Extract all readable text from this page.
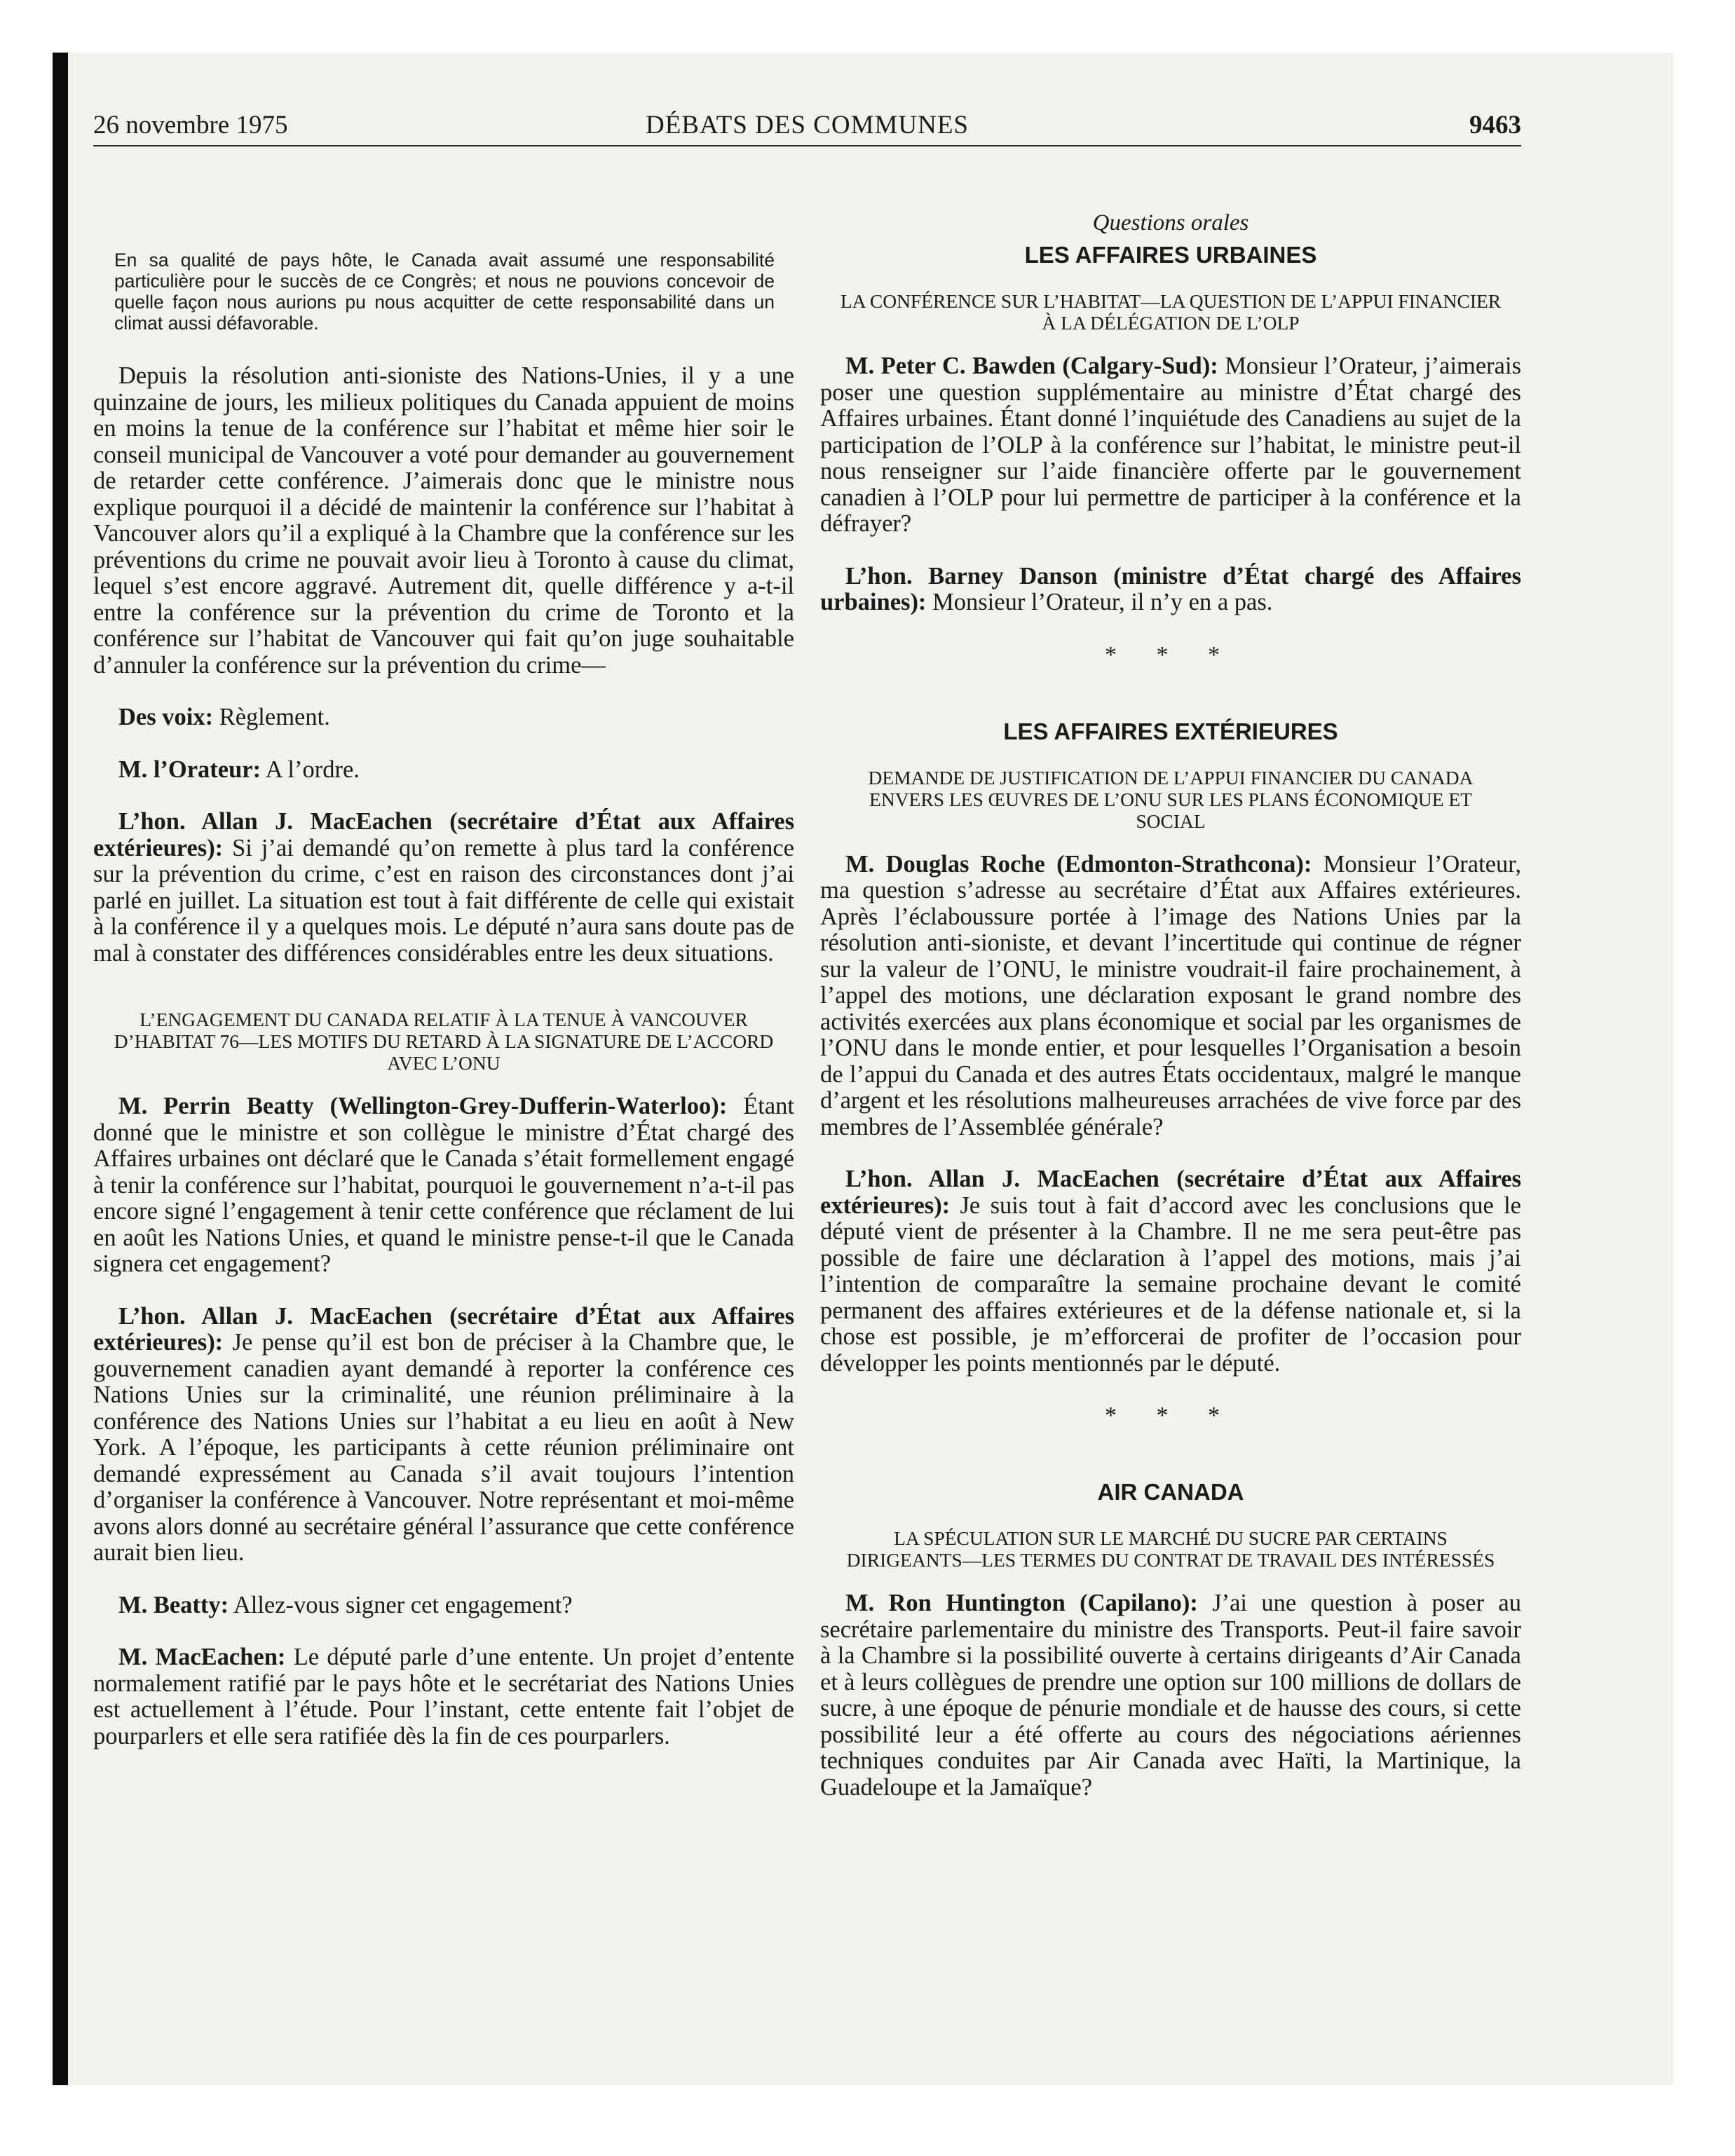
26 novembre 1975	DÉBATS DES COMMUNES	9463

En sa qualité de pays hôte, le Canada avait assumé une responsabilité particulière pour le succès de ce Congrès; et nous ne pouvions concevoir de quelle façon nous aurions pu nous acquitter de cette responsabilité dans un climat aussi défavorable.

Depuis la résolution anti-sioniste des Nations-Unies, il y a une quinzaine de jours, les milieux politiques du Canada appuient de moins en moins la tenue de la conférence sur l’habitat et même hier soir le conseil municipal de Vancouver a voté pour demander au gouvernement de retarder cette conférence. J’aimerais donc que le ministre nous explique pourquoi il a décidé de maintenir la conférence sur l’habitat à Vancouver alors qu’il a expliqué à la Chambre que la conférence sur les préventions du crime ne pouvait avoir lieu à Toronto à cause du climat, lequel s’est encore aggravé. Autrement dit, quelle différence y a-t-il entre la conférence sur la prévention du crime de Toronto et la conférence sur l’habitat de Vancouver qui fait qu’on juge souhaitable d’annuler la conférence sur la prévention du crime—

Des voix: Règlement.

M. l’Orateur: A l’ordre.

L’hon. Allan J. MacEachen (secrétaire d’État aux Affaires extérieures): Si j’ai demandé qu’on remette à plus tard la conférence sur la prévention du crime, c’est en raison des circonstances dont j’ai parlé en juillet. La situation est tout à fait différente de celle qui existait à la conférence il y a quelques mois. Le député n’aura sans doute pas de mal à constater des différences considérables entre les deux situations.

L’ENGAGEMENT DU CANADA RELATIF À LA TENUE À VANCOUVER D’HABITAT 76—LES MOTIFS DU RETARD À LA SIGNATURE DE L’ACCORD AVEC L’ONU

M. Perrin Beatty (Wellington-Grey-Dufferin-Waterloo): Étant donné que le ministre et son collègue le ministre d’État chargé des Affaires urbaines ont déclaré que le Canada s’était formellement engagé à tenir la conférence sur l’habitat, pourquoi le gouvernement n’a-t-il pas encore signé l’engagement à tenir cette conférence que réclament de lui en août les Nations Unies, et quand le ministre pense-t-il que le Canada signera cet engagement?

L’hon. Allan J. MacEachen (secrétaire d’État aux Affaires extérieures): Je pense qu’il est bon de préciser à la Chambre que, le gouvernement canadien ayant demandé à reporter la conférence ces Nations Unies sur la criminalité, une réunion préliminaire à la conférence des Nations Unies sur l’habitat a eu lieu en août à New York. A l’époque, les participants à cette réunion préliminaire ont demandé expressément au Canada s’il avait toujours l’intention d’organiser la conférence à Vancouver. Notre représentant et moi-même avons alors donné au secrétaire général l’assurance que cette conférence aurait bien lieu.

M. Beatty: Allez-vous signer cet engagement?

M. MacEachen: Le député parle d’une entente. Un projet d’entente normalement ratifié par le pays hôte et le secrétariat des Nations Unies est actuellement à l’étude. Pour l’instant, cette entente fait l’objet de pourparlers et elle sera ratifiée dès la fin de ces pourparlers.

Questions orales

LES AFFAIRES URBAINES

LA CONFÉRENCE SUR L’HABITAT—LA QUESTION DE L’APPUI FINANCIER À LA DÉLÉGATION DE L’OLP

M. Peter C. Bawden (Calgary-Sud): Monsieur l’Orateur, j’aimerais poser une question supplémentaire au ministre d’État chargé des Affaires urbaines. Étant donné l’inquiétude des Canadiens au sujet de la participation de l’OLP à la conférence sur l’habitat, le ministre peut-il nous renseigner sur l’aide financière offerte par le gouvernement canadien à l’OLP pour lui permettre de participer à la conférence et la défrayer?

L’hon. Barney Danson (ministre d’État chargé des Affaires urbaines): Monsieur l’Orateur, il n’y en a pas.

* * *

LES AFFAIRES EXTÉRIEURES

DEMANDE DE JUSTIFICATION DE L’APPUI FINANCIER DU CANADA ENVERS LES ŒUVRES DE L’ONU SUR LES PLANS ÉCONOMIQUE ET SOCIAL

M. Douglas Roche (Edmonton-Strathcona): Monsieur l’Orateur, ma question s’adresse au secrétaire d’État aux Affaires extérieures. Après l’éclaboussure portée à l’image des Nations Unies par la résolution anti-sioniste, et devant l’incertitude qui continue de régner sur la valeur de l’ONU, le ministre voudrait-il faire prochainement, à l’appel des motions, une déclaration exposant le grand nombre des activités exercées aux plans économique et social par les organismes de l’ONU dans le monde entier, et pour lesquelles l’Organisation a besoin de l’appui du Canada et des autres États occidentaux, malgré le manque d’argent et les résolutions malheureuses arrachées de vive force par des membres de l’Assemblée générale?

L’hon. Allan J. MacEachen (secrétaire d’État aux Affaires extérieures): Je suis tout à fait d’accord avec les conclusions que le député vient de présenter à la Chambre. Il ne me sera peut-être pas possible de faire une déclaration à l’appel des motions, mais j’ai l’intention de comparaître la semaine prochaine devant le comité permanent des affaires extérieures et de la défense nationale et, si la chose est possible, je m’efforcerai de profiter de l’occasion pour développer les points mentionnés par le député.

* * *

AIR CANADA

LA SPÉCULATION SUR LE MARCHÉ DU SUCRE PAR CERTAINS DIRIGEANTS—LES TERMES DU CONTRAT DE TRAVAIL DES INTÉRESSÉS

M. Ron Huntington (Capilano): J’ai une question à poser au secrétaire parlementaire du ministre des Transports. Peut-il faire savoir à la Chambre si la possibilité ouverte à certains dirigeants d’Air Canada et à leurs collègues de prendre une option sur 100 millions de dollars de sucre, à une époque de pénurie mondiale et de hausse des cours, si cette possibilité leur a été offerte au cours des négociations aériennes techniques conduites par Air Canada avec Haïti, la Martinique, la Guadeloupe et la Jamaïque?
